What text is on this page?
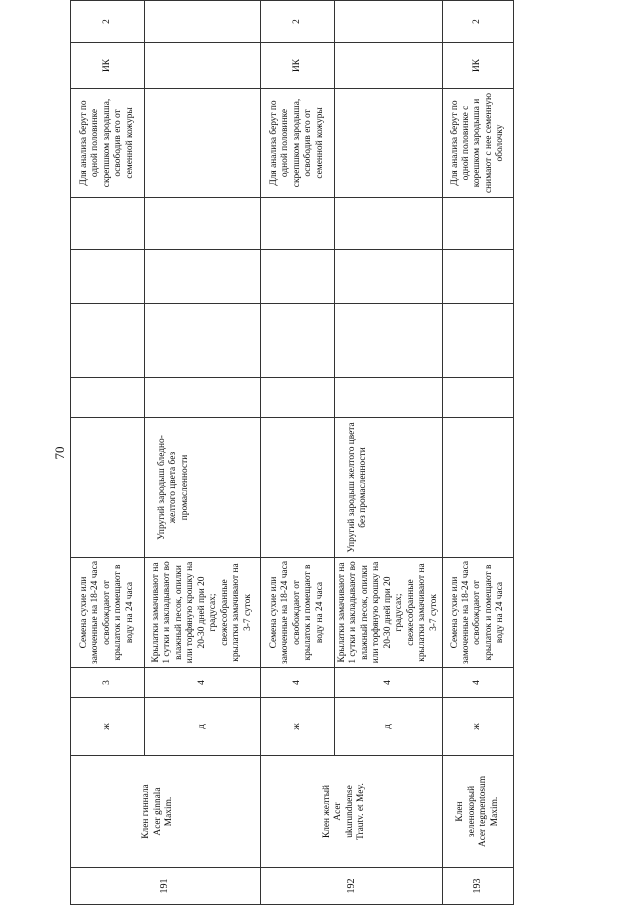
70
191	Клен гиннала
Acer ginnala
Maxim.	ж	3	Семена сухие или замоченные на 18-24 часа освобождают от крылаток и помещают в воду на 24 часа						Для анализа берут по одной половинке скрепшком зародыша, освободив его от семенной кожуры	ИК	2
		д	4	Крылатки замачивают на 1 сутки и закладывают во влажный песок, опилки или торфяную крошку на 20-30 дней при 20 градусах; свежесобранные крылатки замачивают на 3-7 суток	Упругий зародыш бледно-желтого цвета без промасленности							
192	Клен желтый
Acer
ukurunduense
Trautv. et Mey.	ж	4	Семена сухие или замоченные на 18-24 часа освобождают от крылаток и помещают в воду на 24 часа						Для анализа берут по одной половинке скрепшком зародыша, освободив его от семенной кожуры	ИК	2
		д	4	Крылатки замачивают на 1 сутки и закладывают во влажный песок, опилки или торфяную крошку на 20-30 дней при 20 градусах; свежесобранные крылатки замачивают на 3-7 суток	Упругий зародыш желтого цвета без промасленности							
193	Клен
зеленокорый
Acer tegmentosum
Maxim.	ж	4	Семена сухие или замоченные на 18-24 часа освобождают от крылаток и помещают в воду на 24 часа						Для анализа берут по одной половинке с корешком зародыша и снимают с нее семенную оболочку	ИК	2
